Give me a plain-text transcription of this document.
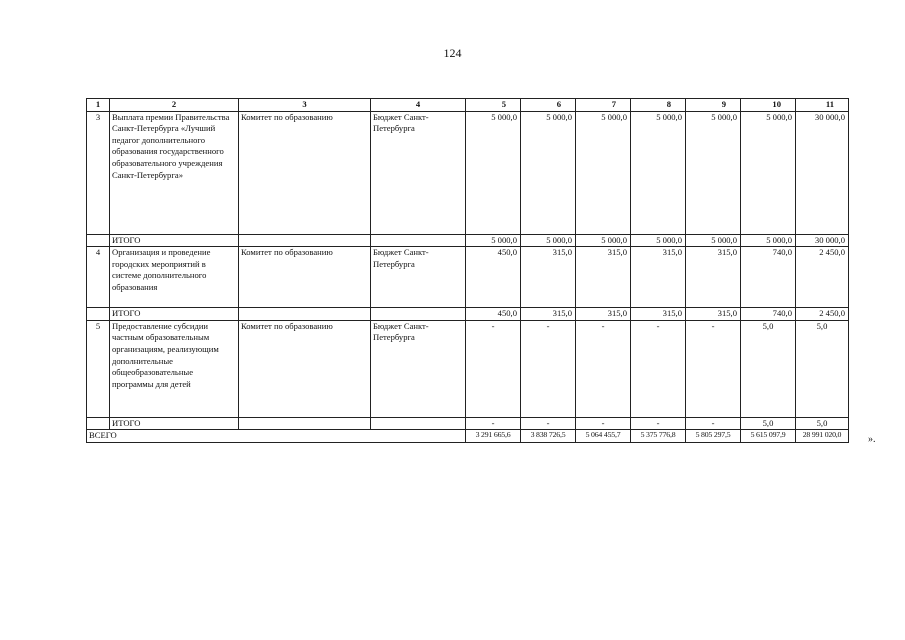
124
1	2	3	4	5	6	7	8	9	10	11
3	Выплата премии Правительства Санкт-Петербурга «Лучший педагог дополнительного образования государственного образовательного учреждения Санкт-Петербурга»	Комитет по образованию	Бюджет Санкт-Петербурга	5 000,0	5 000,0	5 000,0	5 000,0	5 000,0	5 000,0	30 000,0
	ИТОГО			5 000,0	5 000,0	5 000,0	5 000,0	5 000,0	5 000,0	30 000,0
4	Организация и проведение городских мероприятий в системе дополнительного образования	Комитет по образованию	Бюджет Санкт-Петербурга	450,0	315,0	315,0	315,0	315,0	740,0	2 450,0
	ИТОГО			450,0	315,0	315,0	315,0	315,0	740,0	2 450,0
5	Предоставление субсидии частным образовательным организациям, реализующим дополнительные общеобразовательные программы для детей	Комитет по образованию	Бюджет Санкт-Петербурга	-	-	-	-	-	5,0	5,0
	ИТОГО			-	-	-	-	-	5,0	5,0
ВСЕГО				3 291 665,6	3 838 726,5	5 064 455,7	5 375 776,8	5 805 297,5	5 615 097,9	28 991 020,0	».
